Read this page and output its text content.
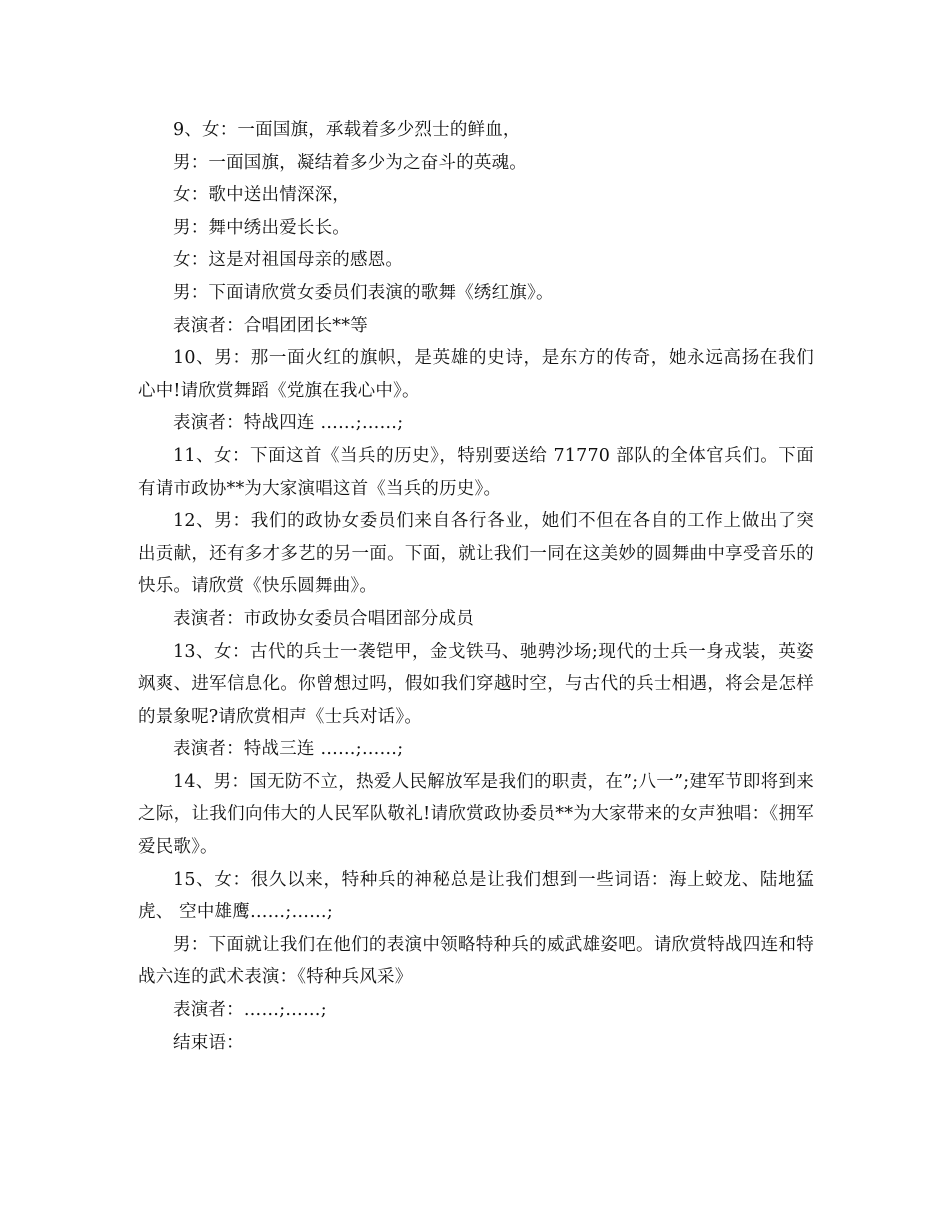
9、女：一面国旗，承载着多少烈士的鲜血，

男：一面国旗，凝结着多少为之奋斗的英魂。

女：歌中送出情深深，

男：舞中绣出爱长长。

女：这是对祖国母亲的感恩。

男：下面请欣赏女委员们表演的歌舞《绣红旗》。

表演者：合唱团团长**等

10、男：那一面火红的旗帜，是英雄的史诗，是东方的传奇，她永远高扬在我们心中!请欣赏舞蹈《党旗在我心中》。

表演者：特战四连 ……;……;

11、女：下面这首《当兵的历史》，特别要送给 71770 部队的全体官兵们。下面有请市政协**为大家演唱这首《当兵的历史》。

12、男：我们的政协女委员们来自各行各业，她们不但在各自的工作上做出了突出贡献，还有多才多艺的另一面。下面，就让我们一同在这美妙的圆舞曲中享受音乐的快乐。请欣赏《快乐圆舞曲》。

表演者：市政协女委员合唱团部分成员

13、女：古代的兵士一袭铠甲，金戈铁马、驰骋沙场;现代的士兵一身戎装，英姿飒爽、进军信息化。你曾想过吗，假如我们穿越时空，与古代的兵士相遇，将会是怎样的景象呢?请欣赏相声《士兵对话》。

表演者：特战三连 ……;……;

14、男：国无防不立，热爱人民解放军是我们的职责，在”;八一”;建军节即将到来之际，让我们向伟大的人民军队敬礼!请欣赏政协委员**为大家带来的女声独唱：《拥军爱民歌》。

15、女：很久以来，特种兵的神秘总是让我们想到一些词语：海上蛟龙、陆地猛虎、 空中雄鹰……;……;

男：下面就让我们在他们的表演中领略特种兵的威武雄姿吧。请欣赏特战四连和特战六连的武术表演：《特种兵风采》

表演者：……;……;

结束语：
